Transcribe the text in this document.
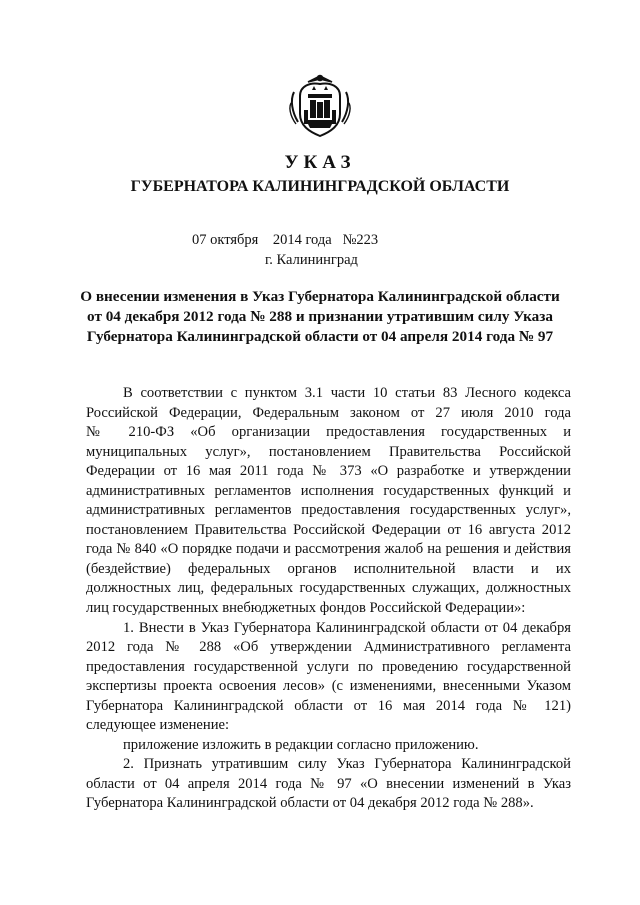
УКАЗ
ГУБЕРНАТОРА КАЛИНИНГРАДСКОЙ ОБЛАСТИ
07 октября    2014 года   №223
г. Калининград
О внесении изменения в Указ Губернатора Калининградской области
от 04 декабря 2012 года № 288 и признании утратившим силу Указа
Губернатора Калининградской области от 04 апреля 2014 года № 97
В соответствии с пунктом 3.1 части 10 статьи 83 Лесного кодекса
Российской Федерации, Федеральным законом от 27 июля 2010 года
№ 210-ФЗ «Об организации предоставления государственных и
муниципальных услуг», постановлением Правительства Российской
Федерации от 16 мая 2011 года № 373 «О разработке и утверждении
административных регламентов исполнения государственных функций и
административных регламентов предоставления государственных услуг»,
постановлением Правительства Российской Федерации от 16 августа 2012
года № 840 «О порядке подачи и рассмотрения жалоб на решения и действия
(бездействие) федеральных органов исполнительной власти и их
должностных лиц, федеральных государственных служащих, должностных
лиц государственных внебюджетных фондов Российской Федерации»:
1. Внести в Указ Губернатора Калининградской области от 04 декабря
2012 года № 288 «Об утверждении Административного регламента
предоставления государственной услуги по проведению государственной
экспертизы проекта освоения лесов» (с изменениями, внесенными Указом
Губернатора Калининградской области от 16 мая 2014 года № 121)
следующее изменение:
приложение изложить в редакции согласно приложению.
2. Признать утратившим силу Указ Губернатора Калининградской
области от 04 апреля 2014 года № 97 «О внесении изменений в Указ
Губернатора Калининградской области от 04 декабря 2012 года № 288».
